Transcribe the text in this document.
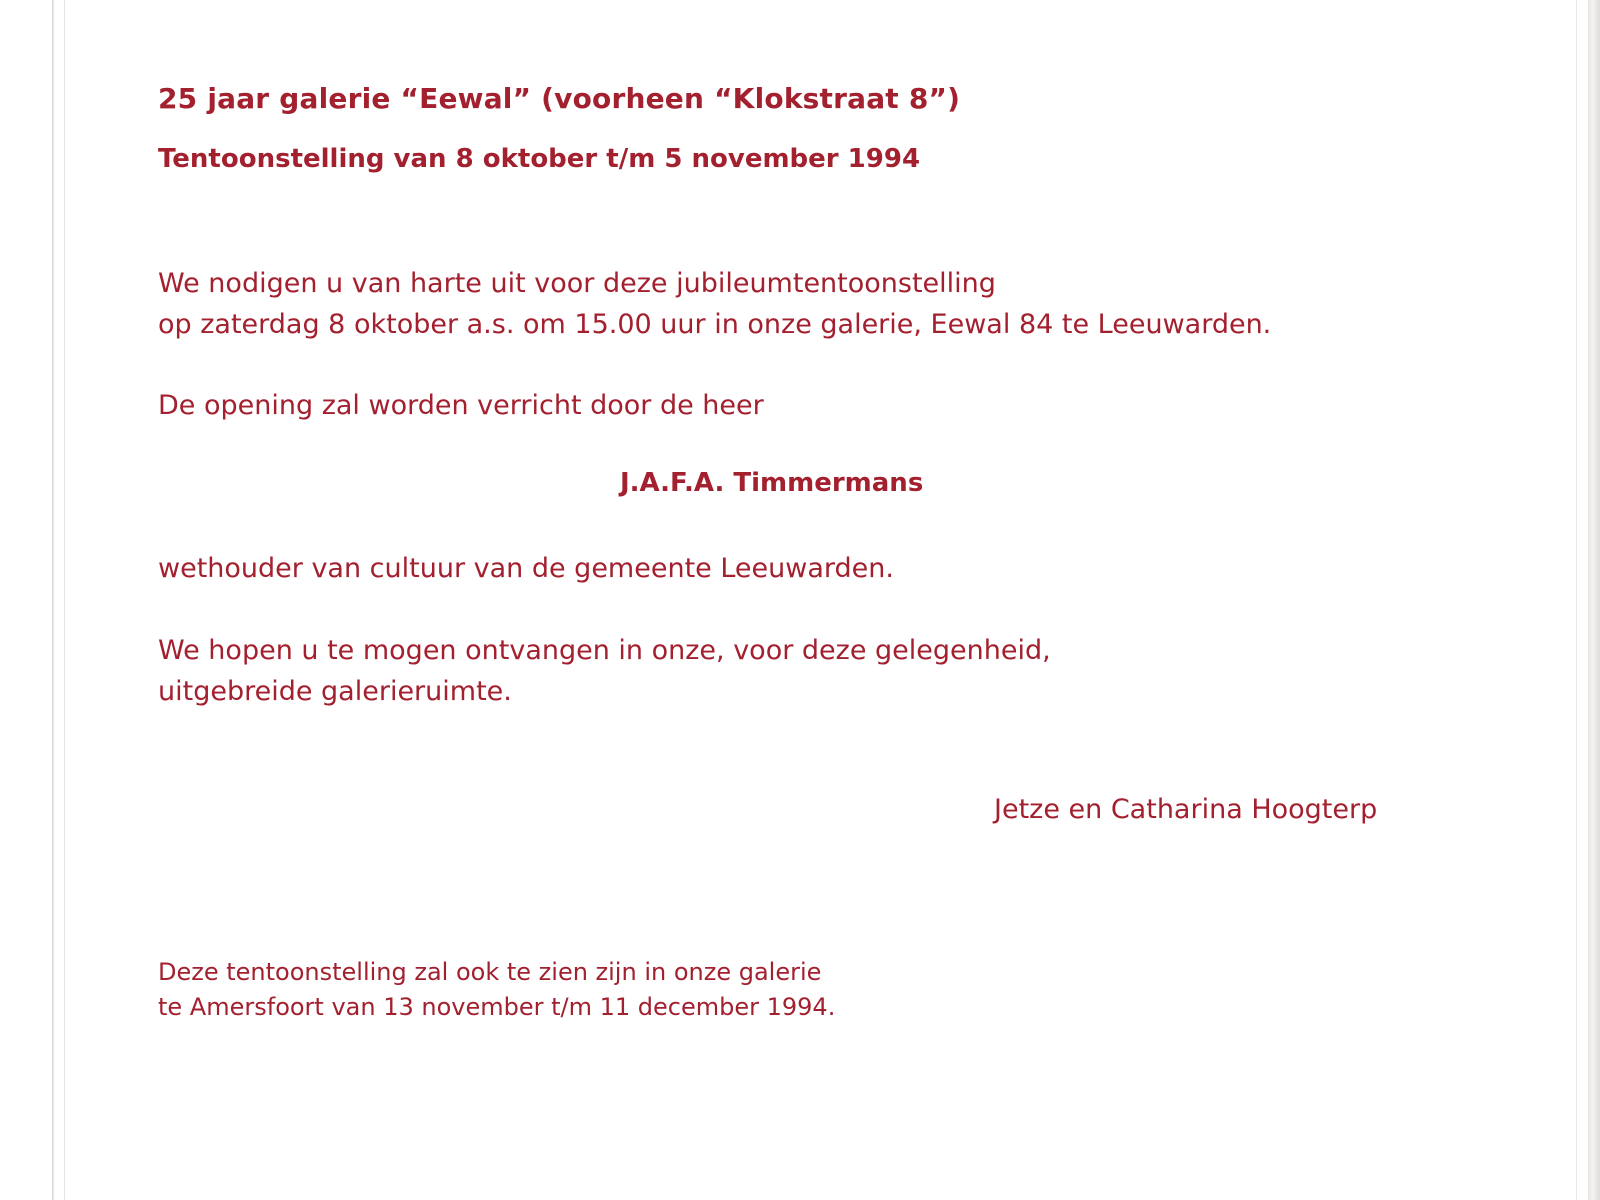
25 jaar galerie “Eewal” (voorheen “Klokstraat 8”)
Tentoonstelling van 8 oktober t/m 5 november 1994
We nodigen u van harte uit voor deze jubileumtentoonstelling
op zaterdag 8 oktober a.s. om 15.00 uur in onze galerie, Eewal 84 te Leeuwarden.
De opening zal worden verricht door de heer
J.A.F.A. Timmermans
wethouder van cultuur van de gemeente Leeuwarden.
We hopen u te mogen ontvangen in onze, voor deze gelegenheid,
uitgebreide galerieruimte.
Jetze en Catharina Hoogterp
Deze tentoonstelling zal ook te zien zijn in onze galerie
te Amersfoort van 13 november t/m 11 december 1994.
